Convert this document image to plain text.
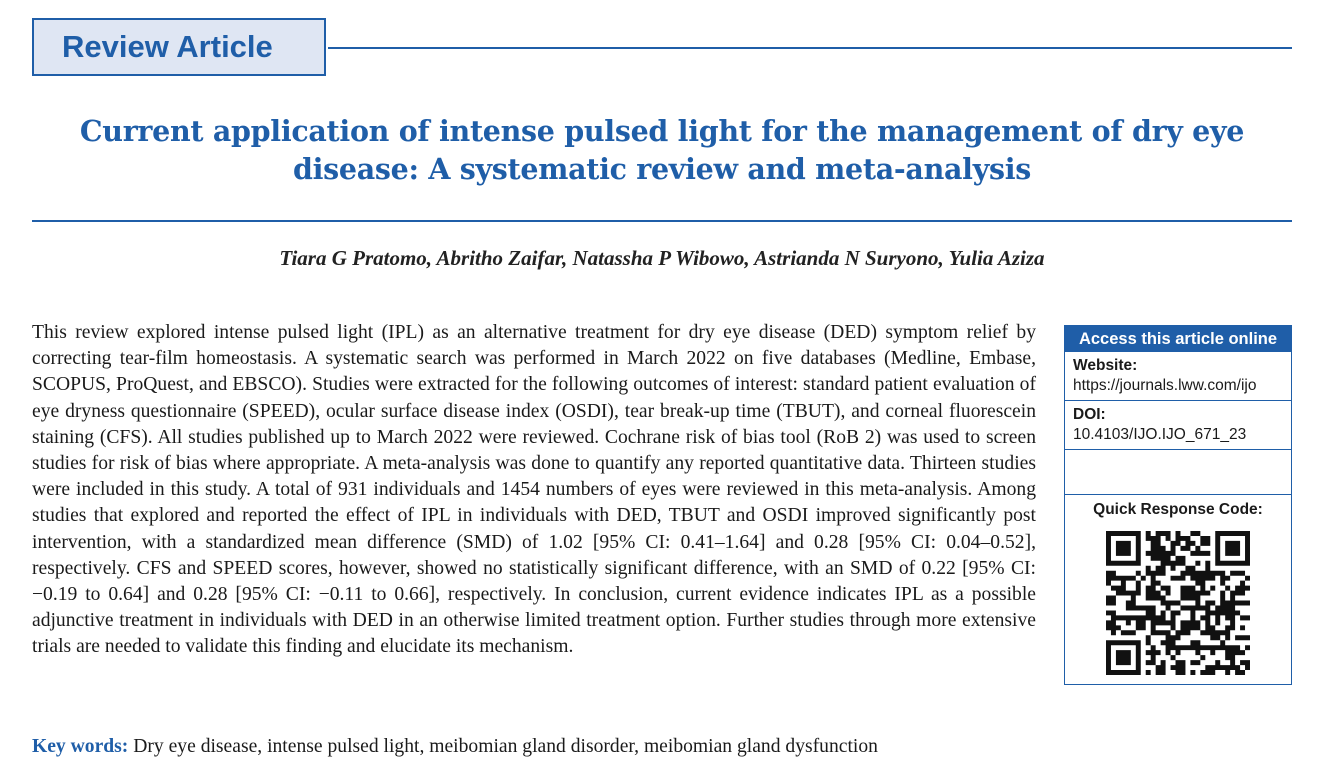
Review Article
Current application of intense pulsed light for the management of dry eye disease: A systematic review and meta-analysis
Tiara G Pratomo, Abritho Zaifar, Natassha P Wibowo, Astrianda N Suryono, Yulia Aziza

This review explored intense pulsed light (IPL) as an alternative treatment for dry eye disease (DED) symptom relief by correcting tear-film homeostasis. A systematic search was performed in March 2022 on five databases (Medline, Embase, SCOPUS, ProQuest, and EBSCO). Studies were extracted for the following outcomes of interest: standard patient evaluation of eye dryness questionnaire (SPEED), ocular surface disease index (OSDI), tear break-up time (TBUT), and corneal fluorescein staining (CFS). All studies published up to March 2022 were reviewed. Cochrane risk of bias tool (RoB 2) was used to screen studies for risk of bias where appropriate. A meta-analysis was done to quantify any reported quantitative data. Thirteen studies were included in this study. A total of 931 individuals and 1454 numbers of eyes were reviewed in this meta-analysis. Among studies that explored and reported the effect of IPL in individuals with DED, TBUT and OSDI improved significantly post intervention, with a standardized mean difference (SMD) of 1.02 [95% CI: 0.41–1.64] and 0.28 [95% CI: 0.04–0.52], respectively. CFS and SPEED scores, however, showed no statistically significant difference, with an SMD of 0.22 [95% CI: −0.19 to 0.64] and 0.28 [95% CI: −0.11 to 0.66], respectively. In conclusion, current evidence indicates IPL as a possible adjunctive treatment in individuals with DED in an otherwise limited treatment option. Further studies through more extensive trials are needed to validate this finding and elucidate its mechanism.

Key words: Dry eye disease, intense pulsed light, meibomian gland disorder, meibomian gland dysfunction
Access this article online
Website:
https://journals.lww.com/ijo
DOI:
10.4103/IJO.IJO_671_23
Quick Response Code:
